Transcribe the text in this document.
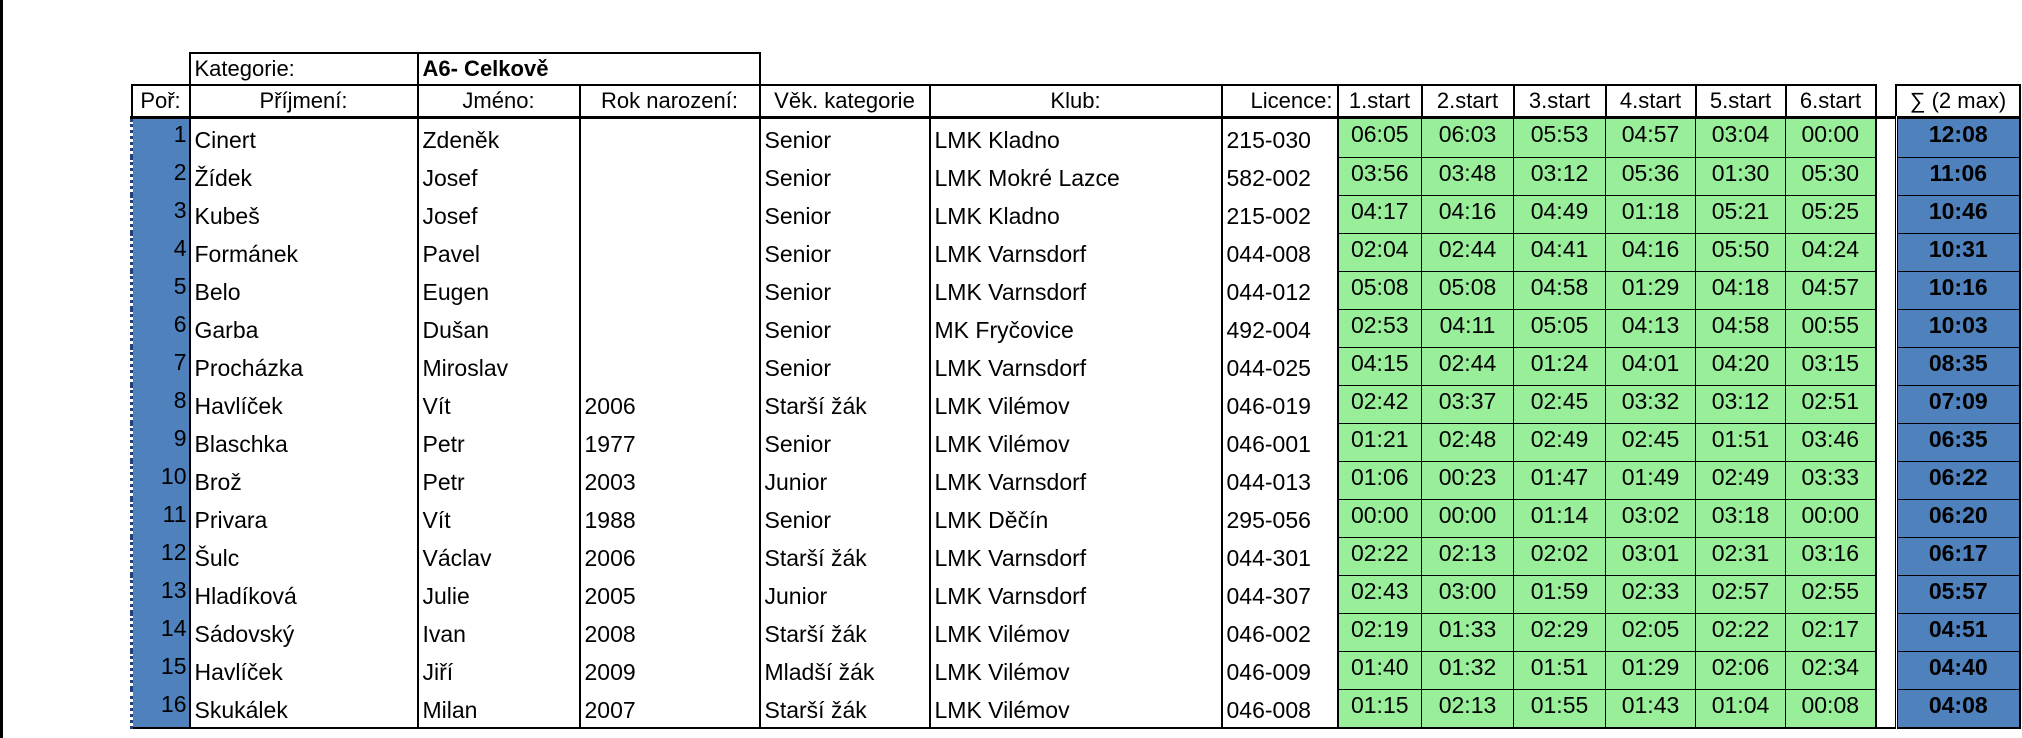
	Kategorie:	A6- Celkově												
Poř:	Příjmení:	Jméno:	Rok narození:	Věk. kategorie	Klub:	Licence:	1.start	2.start	3.start	4.start	5.start	6.start		∑ (2 max)
1	Cinert	Zdeněk		Senior	LMK Kladno	215-030	06:05	06:03	05:53	04:57	03:04	00:00		12:08
2	Žídek	Josef		Senior	LMK Mokré Lazce	582-002	03:56	03:48	03:12	05:36	01:30	05:30		11:06
3	Kubeš	Josef		Senior	LMK Kladno	215-002	04:17	04:16	04:49	01:18	05:21	05:25		10:46
4	Formánek	Pavel		Senior	LMK Varnsdorf	044-008	02:04	02:44	04:41	04:16	05:50	04:24		10:31
5	Belo	Eugen		Senior	LMK Varnsdorf	044-012	05:08	05:08	04:58	01:29	04:18	04:57		10:16
6	Garba	Dušan		Senior	MK Fryčovice	492-004	02:53	04:11	05:05	04:13	04:58	00:55		10:03
7	Procházka	Miroslav		Senior	LMK Varnsdorf	044-025	04:15	02:44	01:24	04:01	04:20	03:15		08:35
8	Havlíček	Vít	2006	Starší žák	LMK Vilémov	046-019	02:42	03:37	02:45	03:32	03:12	02:51		07:09
9	Blaschka	Petr	1977	Senior	LMK Vilémov	046-001	01:21	02:48	02:49	02:45	01:51	03:46		06:35
10	Brož	Petr	2003	Junior	LMK Varnsdorf	044-013	01:06	00:23	01:47	01:49	02:49	03:33		06:22
11	Privara	Vít	1988	Senior	LMK Děčín	295-056	00:00	00:00	01:14	03:02	03:18	00:00		06:20
12	Šulc	Václav	2006	Starší žák	LMK Varnsdorf	044-301	02:22	02:13	02:02	03:01	02:31	03:16		06:17
13	Hladíková	Julie	2005	Junior	LMK Varnsdorf	044-307	02:43	03:00	01:59	02:33	02:57	02:55		05:57
14	Sádovský	Ivan	2008	Starší žák	LMK Vilémov	046-002	02:19	01:33	02:29	02:05	02:22	02:17		04:51
15	Havlíček	Jiří	2009	Mladší žák	LMK Vilémov	046-009	01:40	01:32	01:51	01:29	02:06	02:34		04:40
16	Skukálek	Milan	2007	Starší žák	LMK Vilémov	046-008	01:15	02:13	01:55	01:43	01:04	00:08		04:08
